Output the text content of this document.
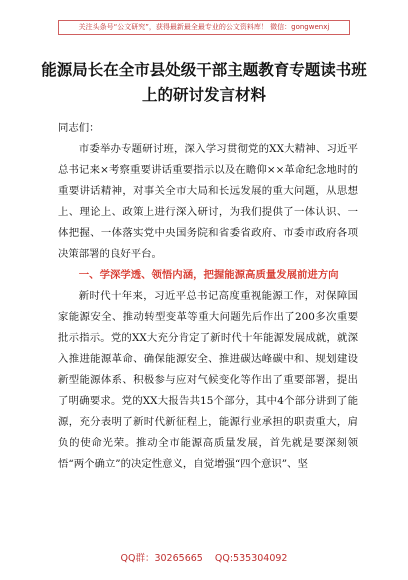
关注头条号“公文研究”，获得最新最全最专业的公文资料库！ 微信：gongwenxj
能源局长在全市县处级干部主题教育专题读书班上的研讨发言材料

同志们：

市委举办专题研讨班，深入学习贯彻党的XX大精神、习近平总书记来×考察重要讲话重要指示以及在瞻仰××革命纪念地时的重要讲话精神，对事关全市大局和长远发展的重大问题，从思想上、理论上、政策上进行深入研讨，为我们提供了一体认识、一体把握、一体落实党中央国务院和省委省政府、市委市政府各项决策部署的良好平台。

一、学深学透、领悟内涵，把握能源高质量发展前进方向

新时代十年来，习近平总书记高度重视能源工作，对保障国家能源安全、推动转型变革等重大问题先后作出了200多次重要批示指示。党的XX大充分肯定了新时代十年能源发展成就，就深入推进能源革命、确保能源安全、推进碳达峰碳中和、规划建设新型能源体系、积极参与应对气候变化等作出了重要部署，提出了明确要求。党的XX大报告共15个部分，其中4个部分讲到了能源，充分表明了新时代新征程上，能源行业承担的职责重大，肩负的使命光荣。推动全市能源高质量发展，首先就是要深刻领悟“两个确立”的决定性意义，自觉增强“四个意识”、坚

QQ群：30265665    QQ:535304092
